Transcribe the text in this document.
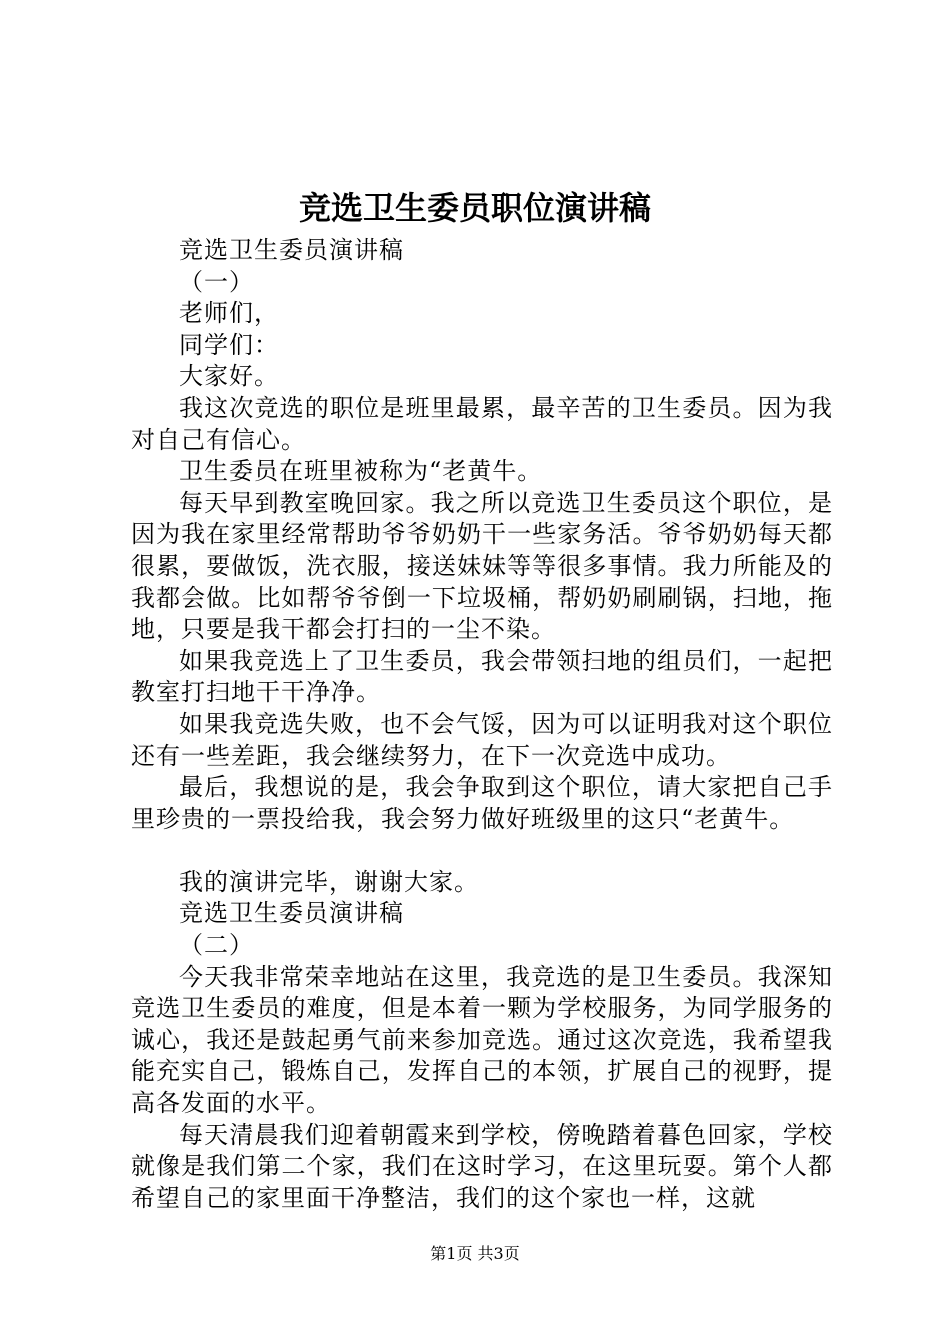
竞选卫生委员职位演讲稿

竞选卫生委员演讲稿

（一）

老师们，

同学们：

大家好。

我这次竞选的职位是班里最累，最辛苦的卫生委员。因为我对自己有信心。

卫生委员在班里被称为“老黄牛。

每天早到教室晚回家。我之所以竞选卫生委员这个职位，是因为我在家里经常帮助爷爷奶奶干一些家务活。爷爷奶奶每天都很累，要做饭，洗衣服，接送妹妹等等很多事情。我力所能及的我都会做。比如帮爷爷倒一下垃圾桶，帮奶奶刷刷锅，扫地，拖地，只要是我干都会打扫的一尘不染。

如果我竞选上了卫生委员，我会带领扫地的组员们，一起把教室打扫地干干净净。

如果我竞选失败，也不会气馁，因为可以证明我对这个职位还有一些差距，我会继续努力，在下一次竞选中成功。

最后，我想说的是，我会争取到这个职位，请大家把自己手里珍贵的一票投给我，我会努力做好班级里的这只“老黄牛。

我的演讲完毕，谢谢大家。

竞选卫生委员演讲稿

（二）

今天我非常荣幸地站在这里，我竞选的是卫生委员。我深知竞选卫生委员的难度，但是本着一颗为学校服务，为同学服务的诚心，我还是鼓起勇气前来参加竞选。通过这次竞选，我希望我能充实自己，锻炼自己，发挥自己的本领，扩展自己的视野，提高各发面的水平。

每天清晨我们迎着朝霞来到学校，傍晚踏着暮色回家，学校就像是我们第二个家，我们在这时学习，在这里玩耍。第个人都希望自己的家里面干净整洁，我们的这个家也一样，这就

第1页 共3页
